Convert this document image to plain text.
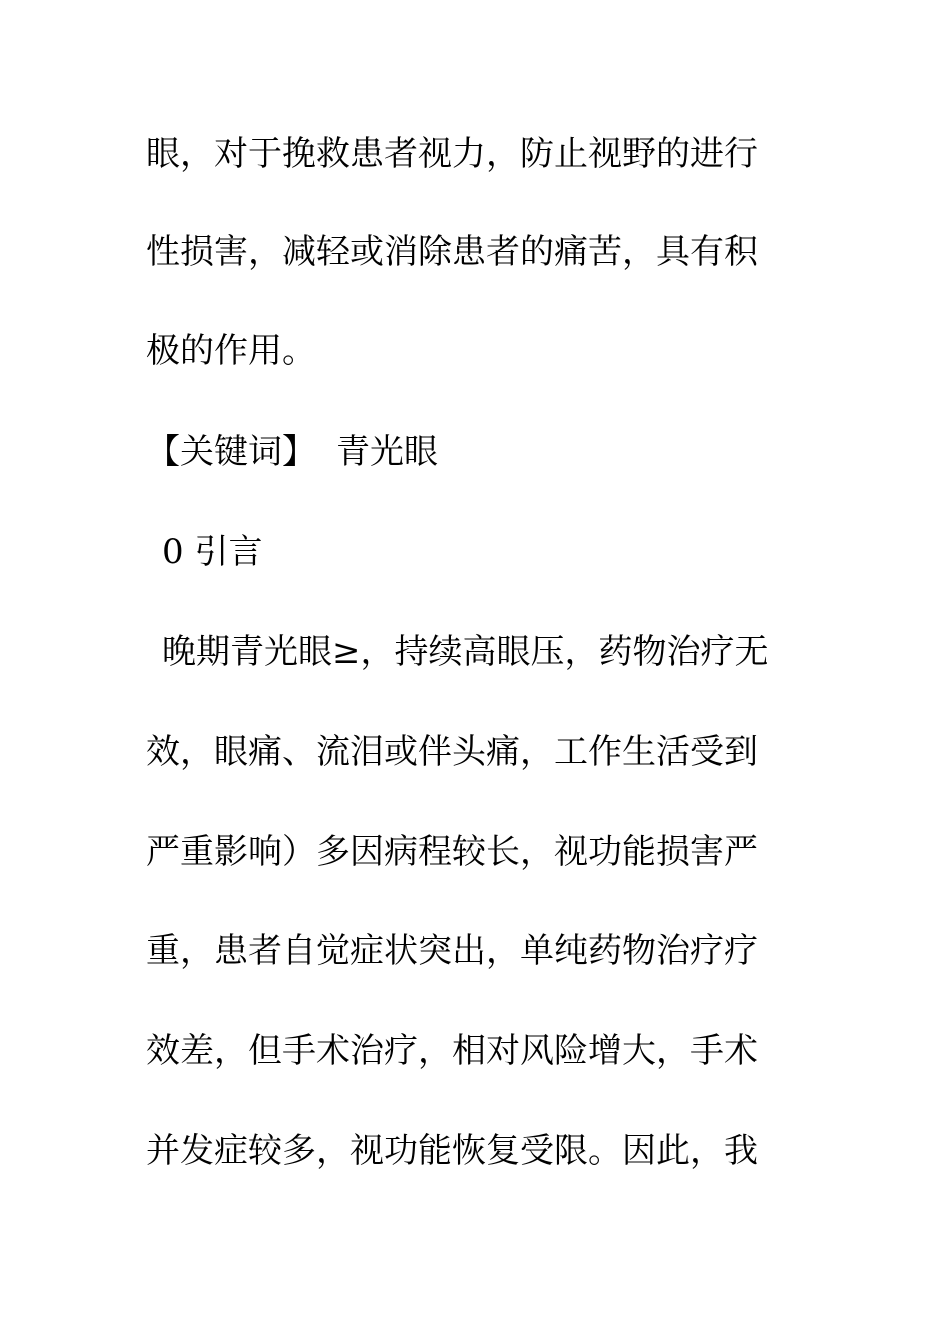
眼，对于挽救患者视力，防止视野的进行
性损害，减轻或消除患者的痛苦，具有积
极的作用。
【关键词】 青光眼
0 引言
晚期青光眼≥，持续高眼压，药物治疗无
效，眼痛、流泪或伴头痛，工作生活受到
严重影响）多因病程较长，视功能损害严
重，患者自觉症状突出，单纯药物治疗疗
效差，但手术治疗，相对风险增大，手术
并发症较多，视功能恢复受限。因此，我
